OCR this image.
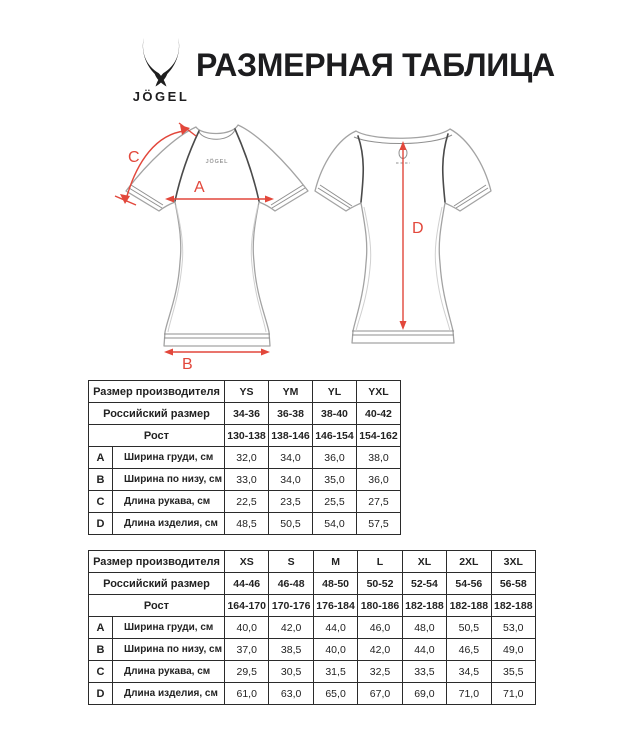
JÖGEL
РАЗМЕРНАЯ ТАБЛИЦА
JÖGEL
A
B
C
D
Размер производителя		YS	YM	YL	YXL
Российский размер		34-36	36-38	38-40	40-42
Рост		130-138	138-146	146-154	154-162
A	Ширина груди, см	32,0	34,0	36,0	38,0
B	Ширина по низу, см	33,0	34,0	35,0	36,0
C	Длина рукава, см	22,5	23,5	25,5	27,5
D	Длина изделия, см	48,5	50,5	54,0	57,5
Размер производителя		XS	S	M	L	XL	2XL	3XL
Российский размер		44-46	46-48	48-50	50-52	52-54	54-56	56-58
Рост		164-170	170-176	176-184	180-186	182-188	182-188	182-188
A	Ширина груди, см	40,0	42,0	44,0	46,0	48,0	50,5	53,0
B	Ширина по низу, см	37,0	38,5	40,0	42,0	44,0	46,5	49,0
C	Длина рукава, см	29,5	30,5	31,5	32,5	33,5	34,5	35,5
D	Длина изделия, см	61,0	63,0	65,0	67,0	69,0	71,0	71,0
